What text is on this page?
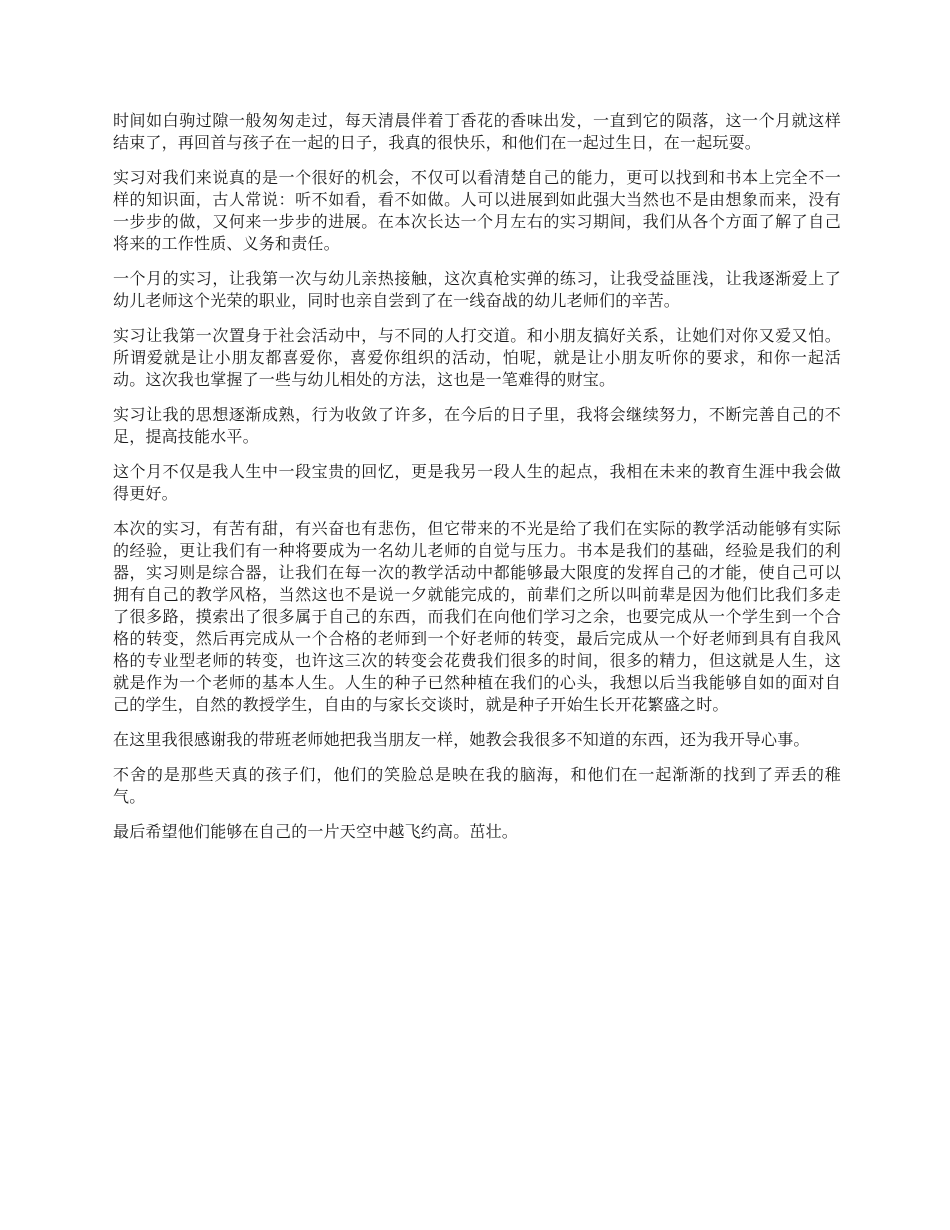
时间如白驹过隙一般匆匆走过，每天清晨伴着丁香花的香味出发，一直到它的陨落，这一个月就这样结束了，再回首与孩子在一起的日子，我真的很快乐，和他们在一起过生日，在一起玩耍。

实习对我们来说真的是一个很好的机会，不仅可以看清楚自己的能力，更可以找到和书本上完全不一样的知识面，古人常说：听不如看，看不如做。人可以进展到如此强大当然也不是由想象而来，没有一步步的做，又何来一步步的进展。在本次长达一个月左右的实习期间，我们从各个方面了解了自己将来的工作性质、义务和责任。

一个月的实习，让我第一次与幼儿亲热接触，这次真枪实弹的练习，让我受益匪浅，让我逐渐爱上了幼儿老师这个光荣的职业，同时也亲自尝到了在一线奋战的幼儿老师们的辛苦。

实习让我第一次置身于社会活动中，与不同的人打交道。和小朋友搞好关系，让她们对你又爱又怕。所谓爱就是让小朋友都喜爱你，喜爱你组织的活动，怕呢，就是让小朋友听你的要求，和你一起活动。这次我也掌握了一些与幼儿相处的方法，这也是一笔难得的财宝。

实习让我的思想逐渐成熟，行为收敛了许多，在今后的日子里，我将会继续努力，不断完善自己的不足，提高技能水平。

这个月不仅是我人生中一段宝贵的回忆，更是我另一段人生的起点，我相在未来的教育生涯中我会做得更好。

本次的实习，有苦有甜，有兴奋也有悲伤，但它带来的不光是给了我们在实际的教学活动能够有实际的经验，更让我们有一种将要成为一名幼儿老师的自觉与压力。书本是我们的基础，经验是我们的利器，实习则是综合器，让我们在每一次的教学活动中都能够最大限度的发挥自己的才能，使自己可以拥有自己的教学风格，当然这也不是说一夕就能完成的，前辈们之所以叫前辈是因为他们比我们多走了很多路，摸索出了很多属于自己的东西，而我们在向他们学习之余，也要完成从一个学生到一个合格的转变，然后再完成从一个合格的老师到一个好老师的转变，最后完成从一个好老师到具有自我风格的专业型老师的转变，也许这三次的转变会花费我们很多的时间，很多的精力，但这就是人生，这就是作为一个老师的基本人生。人生的种子已然种植在我们的心头，我想以后当我能够自如的面对自己的学生，自然的教授学生，自由的与家长交谈时，就是种子开始生长开花繁盛之时。

在这里我很感谢我的带班老师她把我当朋友一样，她教会我很多不知道的东西，还为我开导心事。

不舍的是那些天真的孩子们，他们的笑脸总是映在我的脑海，和他们在一起渐渐的找到了弄丢的稚气。

最后希望他们能够在自己的一片天空中越飞约高。茁壮。
